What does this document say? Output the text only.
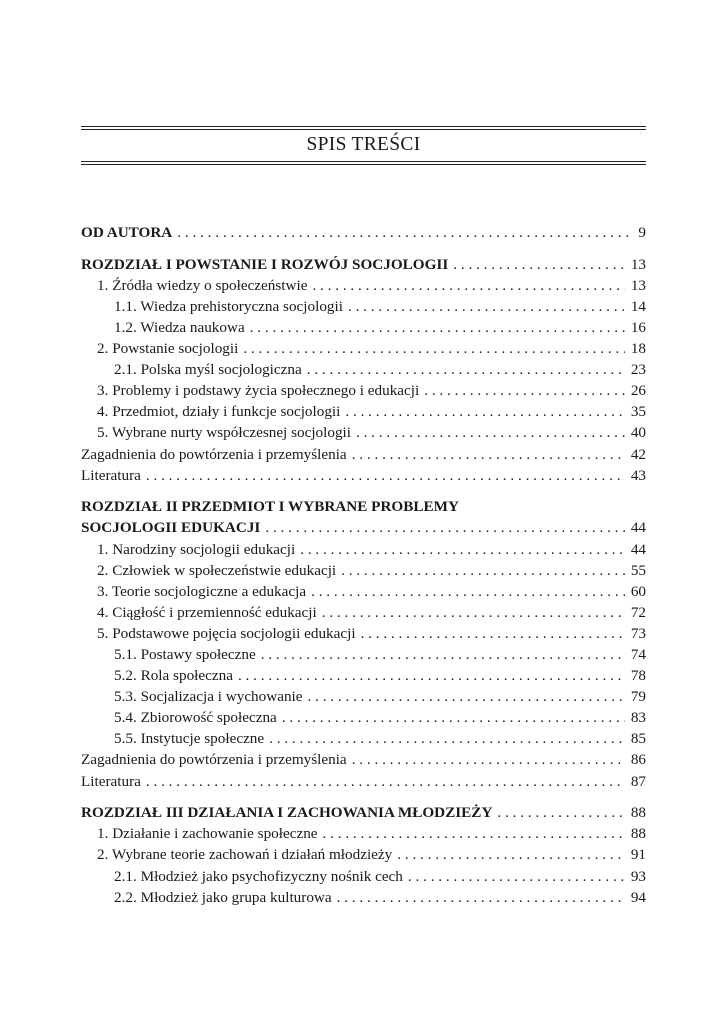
SPIS TREŚCI
OD AUTORA . . .	9
ROZDZIAŁ I POWSTANIE I ROZWÓJ SOCJOLOGII . . .	13
1. Źródła wiedzy o społeczeństwie . . .	13
1.1. Wiedza prehistoryczna socjologii . . .	14
1.2. Wiedza naukowa . . .	16
2. Powstanie socjologii . . .	18
2.1. Polska myśl socjologiczna . . .	23
3. Problemy i podstawy życia społecznego i edukacji . . .	26
4. Przedmiot, działy i funkcje socjologii . . .	35
5. Wybrane nurty współczesnej socjologii . . .	40
Zagadnienia do powtórzenia i przemyślenia . . .	42
Literatura . . .	43
ROZDZIAŁ II PRZEDMIOT I WYBRANE PROBLEMY
SOCJOLOGII EDUKACJI . . .	44
1. Narodziny socjologii edukacji . . .	44
2. Człowiek w społeczeństwie edukacji . . .	55
3. Teorie socjologiczne a edukacja . . .	60
4. Ciągłość i przemienność edukacji . . .	72
5. Podstawowe pojęcia socjologii edukacji . . .	73
5.1. Postawy społeczne . . .	74
5.2. Rola społeczna . . .	78
5.3. Socjalizacja i wychowanie . . .	79
5.4. Zbiorowość społeczna . . .	83
5.5. Instytucje społeczne . . .	85
Zagadnienia do powtórzenia i przemyślenia . . .	86
Literatura . . .	87
ROZDZIAŁ III DZIAŁANIA I ZACHOWANIA MŁODZIEŻY . . .	88
1. Działanie i zachowanie społeczne . . .	88
2. Wybrane teorie zachowań i działań młodzieży . . .	91
2.1. Młodzież jako psychofizyczny nośnik cech . . .	93
2.2. Młodzież jako grupa kulturowa . . .	94
